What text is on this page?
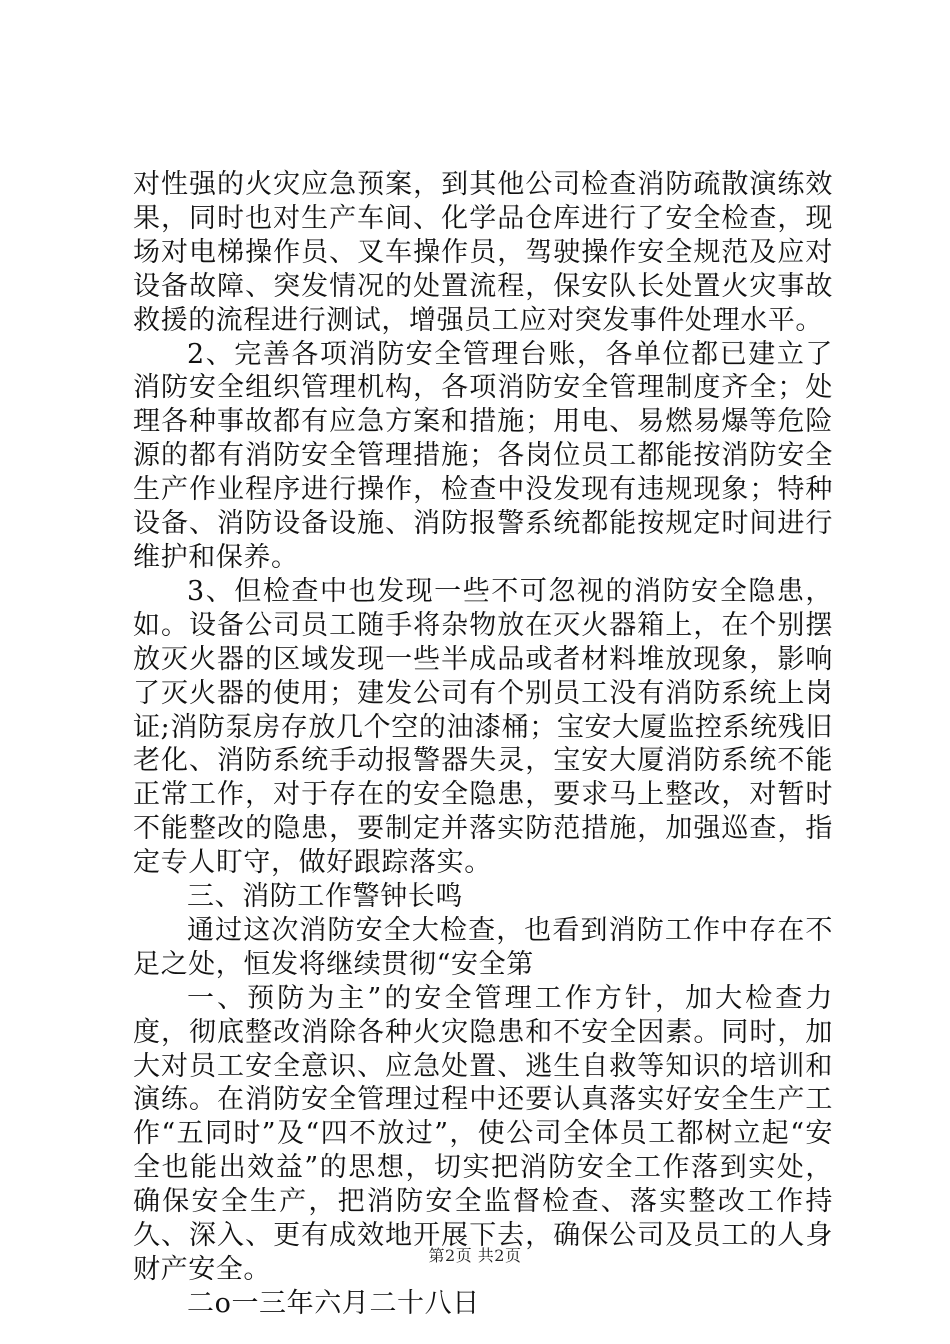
对性强的火灾应急预案，到其他公司检查消防疏散演练效果，同时也对生产车间、化学品仓库进行了安全检查，现场对电梯操作员、叉车操作员，驾驶操作安全规范及应对设备故障、突发情况的处置流程，保安队长处置火灾事故救援的流程进行测试，增强员工应对突发事件处理水平。

2、完善各项消防安全管理台账，各单位都已建立了消防安全组织管理机构，各项消防安全管理制度齐全；处理各种事故都有应急方案和措施；用电、易燃易爆等危险源的都有消防安全管理措施；各岗位员工都能按消防安全生产作业程序进行操作，检查中没发现有违规现象；特种设备、消防设备设施、消防报警系统都能按规定时间进行维护和保养。

3、但检查中也发现一些不可忽视的消防安全隐患，如。设备公司员工随手将杂物放在灭火器箱上，在个别摆放灭火器的区域发现一些半成品或者材料堆放现象，影响了灭火器的使用；建发公司有个别员工没有消防系统上岗证;消防泵房存放几个空的油漆桶；宝安大厦监控系统残旧老化、消防系统手动报警器失灵，宝安大厦消防系统不能正常工作，对于存在的安全隐患，要求马上整改，对暂时不能整改的隐患，要制定并落实防范措施，加强巡查，指定专人盯守，做好跟踪落实。

三、消防工作警钟长鸣

通过这次消防安全大检查，也看到消防工作中存在不足之处，恒发将继续贯彻“安全第

一、预防为主”的安全管理工作方针，加大检查力度，彻底整改消除各种火灾隐患和不安全因素。同时，加大对员工安全意识、应急处置、逃生自救等知识的培训和演练。在消防安全管理过程中还要认真落实好安全生产工作“五同时”及“四不放过”，使公司全体员工都树立起“安全也能出效益”的思想，切实把消防安全工作落到实处，确保安全生产，把消防安全监督检查、落实整改工作持久、深入、更有成效地开展下去，确保公司及员工的人身财产安全。

二o一三年六月二十八日

第2页 共2页
